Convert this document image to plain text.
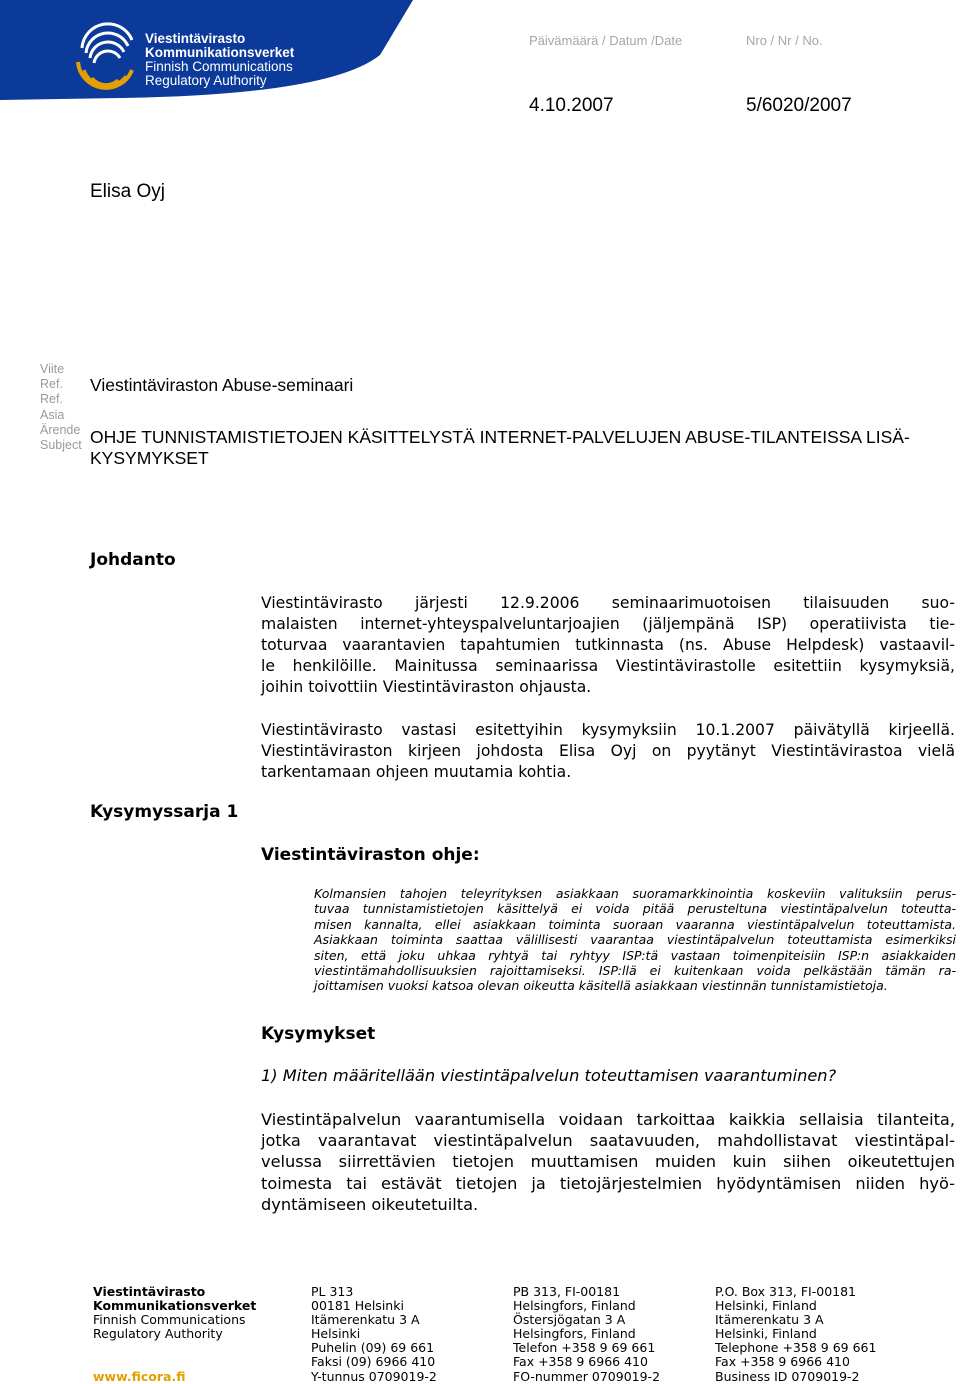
Viestintävirasto
Kommunikationsverket
Finnish Communications
Regulatory Authority
Päivämäärä / Datum /Date	Nro / Nr / No.
4.10.2007	5/6020/2007
Elisa Oyj
Viite
Ref.
Ref.
Viestintäviraston Abuse-seminaari
Asia
Ärende
Subject OHJE TUNNISTAMISTIETOJEN KÄSITTELYSTÄ INTERNET-PALVELUJEN ABUSE-TILANTEISSA LISÄ-
KYSYMYKSET
Johdanto
Viestintävirasto järjesti 12.9.2006 seminaarimuotoisen tilaisuuden suo-
malaisten internet-yhteyspalveluntarjoajien (jäljempänä ISP) operatiivista tie-
toturvaa vaarantavien tapahtumien tutkinnasta (ns. Abuse Helpdesk) vastaavil-
le henkilöille. Mainitussa seminaarissa Viestintävirastolle esitettiin kysymyksiä,
joihin toivottiin Viestintäviraston ohjausta.
Viestintävirasto vastasi esitettyihin kysymyksiin 10.1.2007 päivätyllä kirjeellä.
Viestintäviraston kirjeen johdosta Elisa Oyj on pyytänyt Viestintävirastoa vielä
tarkentamaan ohjeen muutamia kohtia.
Kysymyssarja 1
Viestintäviraston ohje:
Kolmansien tahojen teleyrityksen asiakkaan suoramarkkinointia koskeviin valituksiin perus-
tuvaa tunnistamistietojen käsittelyä ei voida pitää perusteltuna viestintäpalvelun toteutta-
misen kannalta, ellei asiakkaan toiminta suoraan vaaranna viestintäpalvelun toteuttamista.
Asiakkaan toiminta saattaa välillisesti vaarantaa viestintäpalvelun toteuttamista esimerkiksi
siten, että joku uhkaa ryhtyä tai ryhtyy ISP:tä vastaan toimenpiteisiin ISP:n asiakkaiden
viestintämahdollisuuksien rajoittamiseksi. ISP:llä ei kuitenkaan voida pelkästään tämän ra-
joittamisen vuoksi katsoa olevan oikeutta käsitellä asiakkaan viestinnän tunnistamistietoja.
Kysymykset
1) Miten määritellään viestintäpalvelun toteuttamisen vaarantuminen?
Viestintäpalvelun vaarantumisella voidaan tarkoittaa kaikkia sellaisia tilanteita,
jotka vaarantavat viestintäpalvelun saatavuuden, mahdollistavat viestintäpal-
velussa siirrettävien tietojen muuttamisen muiden kuin siihen oikeutettujen
toimesta tai estävät tietojen ja tietojärjestelmien hyödyntämisen niiden hyö-
dyntämiseen oikeutetuilta.
Viestintävirasto
Kommunikationsverket
Finnish Communications
Regulatory Authority
www.ficora.fi
PL 313
00181 Helsinki
Itämerenkatu 3 A
Helsinki
Puhelin (09) 69 661
Faksi (09) 6966 410
Y-tunnus 0709019-2
PB 313, FI-00181
Helsingfors, Finland
Östersjögatan 3 A
Helsingfors, Finland
Telefon +358 9 69 661
Fax +358 9 6966 410
FO-nummer 0709019-2
P.O. Box 313, FI-00181
Helsinki, Finland
Itämerenkatu 3 A
Helsinki, Finland
Telephone +358 9 69 661
Fax +358 9 6966 410
Business ID 0709019-2
